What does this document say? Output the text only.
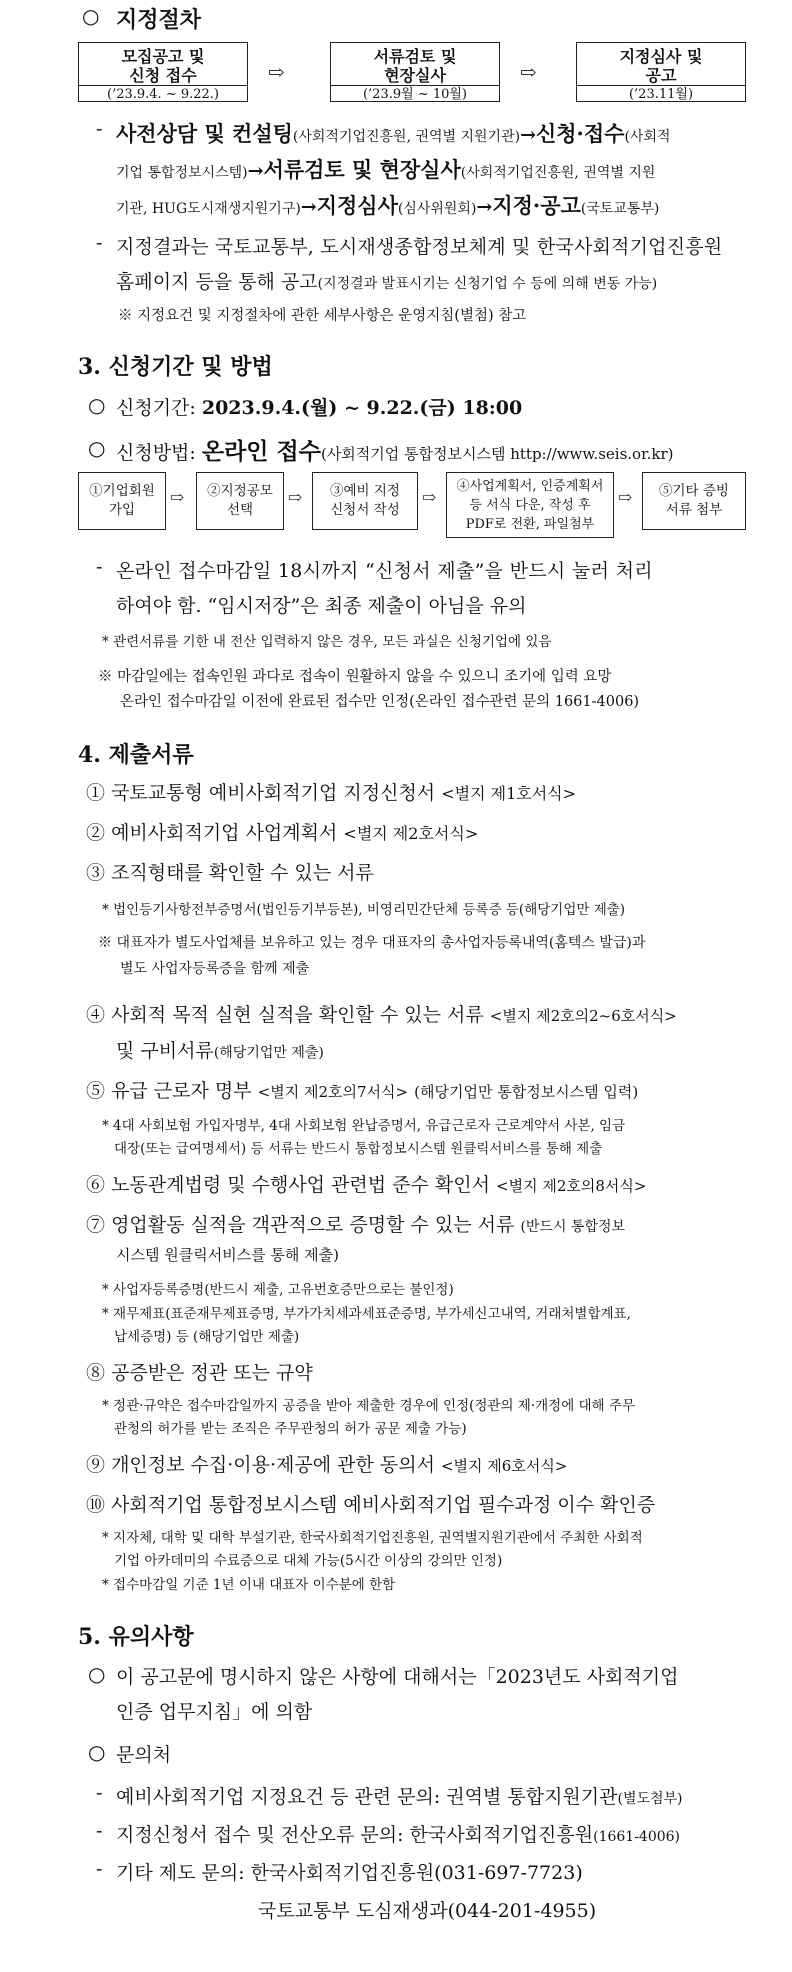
○ 지정절차
모집공고 및
신청 접수
(’23.9.4. ~ 9.22.)
⇨
서류검토 및
현장실사
(’23.9월 ~ 10월)
⇨
지정심사 및
공고
(’23.11월)
- 사전상담 및 컨설팅(사회적기업진흥원, 권역별 지원기관)→신청·접수(사회적
기업 통합정보시스템)→서류검토 및 현장실사(사회적기업진흥원, 권역별 지원
기관, HUG도시재생지원기구)→지정심사(심사위원회)→지정·공고(국토교통부)
- 지정결과는 국토교통부, 도시재생종합정보체계 및 한국사회적기업진흥원
홈페이지 등을 통해 공고(지정결과 발표시기는 신청기업 수 등에 의해 변동 가능)
※ 지정요건 및 지정절차에 관한 세부사항은 운영지침(별첨) 참고
3. 신청기간 및 방법
○ 신청기간: 2023.9.4.(월) ~ 9.22.(금) 18:00
○ 신청방법: 온라인 접수(사회적기업 통합정보시스템 http://www.seis.or.kr)
①기업회원
가입
⇨ ②지정공모
선택
⇨ ③예비 지정
신청서 작성
⇨
④사업계획서, 인증계획서
등 서식 다운, 작성 후
PDF로 전환, 파일첨부
⇨ ⑤기타 증빙
서류 첨부
- 온라인 접수마감일 18시까지 “신청서 제출”을 반드시 눌러 처리
하여야 함. “임시저장”은 최종 제출이 아님을 유의
* 관련서류를 기한 내 전산 입력하지 않은 경우, 모든 과실은 신청기업에 있음
※ 마감일에는 접속인원 과다로 접속이 원활하지 않을 수 있으니 조기에 입력 요망
온라인 접수마감일 이전에 완료된 접수만 인정(온라인 접수관련 문의 1661-4006)
4. 제출서류
① 국토교통형 예비사회적기업 지정신청서 <별지 제1호서식>
② 예비사회적기업 사업계획서 <별지 제2호서식>
③ 조직형태를 확인할 수 있는 서류
* 법인등기사항전부증명서(법인등기부등본), 비영리민간단체 등록증 등(해당기업만 제출)
※ 대표자가 별도사업체를 보유하고 있는 경우 대표자의 총사업자등록내역(홈텍스 발급)과
별도 사업자등록증을 함께 제출
④ 사회적 목적 실현 실적을 확인할 수 있는 서류 <별지 제2호의2~6호서식>
및 구비서류(해당기업만 제출)
⑤ 유급 근로자 명부 <별지 제2호의7서식> (해당기업만 통합정보시스템 입력)
* 4대 사회보험 가입자명부, 4대 사회보험 완납증명서, 유급근로자 근로계약서 사본, 임금
대장(또는 급여명세서) 등 서류는 반드시 통합정보시스템 원클릭서비스를 통해 제출
⑥ 노동관계법령 및 수행사업 관련법 준수 확인서 <별지 제2호의8서식>
⑦ 영업활동 실적을 객관적으로 증명할 수 있는 서류 (반드시 통합정보
시스템 원클릭서비스를 통해 제출)
* 사업자등록증명(반드시 제출, 고유번호증만으로는 불인정)
* 재무제표(표준재무제표증명, 부가가치세과세표준증명, 부가세신고내역, 거래처별합계표,
납세증명) 등 (해당기업만 제출)
⑧ 공증받은 정관 또는 규약
* 정관·규약은 접수마감일까지 공증을 받아 제출한 경우에 인정(정관의 제·개정에 대해 주무
관청의 허가를 받는 조직은 주무관청의 허가 공문 제출 가능)
⑨ 개인정보 수집·이용·제공에 관한 동의서 <별지 제6호서식>
⑩ 사회적기업 통합정보시스템 예비사회적기업 필수과정 이수 확인증
* 지자체, 대학 및 대학 부설기관, 한국사회적기업진흥원, 권역별지원기관에서 주최한 사회적
기업 아카데미의 수료증으로 대체 가능(5시간 이상의 강의만 인정)
* 접수마감일 기준 1년 이내 대표자 이수분에 한함
5. 유의사항
○ 이 공고문에 명시하지 않은 사항에 대해서는「2023년도 사회적기업
인증 업무지침」에 의함
○ 문의처
- 예비사회적기업 지정요건 등 관련 문의: 권역별 통합지원기관(별도첨부)
- 지정신청서 접수 및 전산오류 문의: 한국사회적기업진흥원(1661-4006)
- 기타 제도 문의: 한국사회적기업진흥원(031-697-7723)
국토교통부 도심재생과(044-201-4955)
